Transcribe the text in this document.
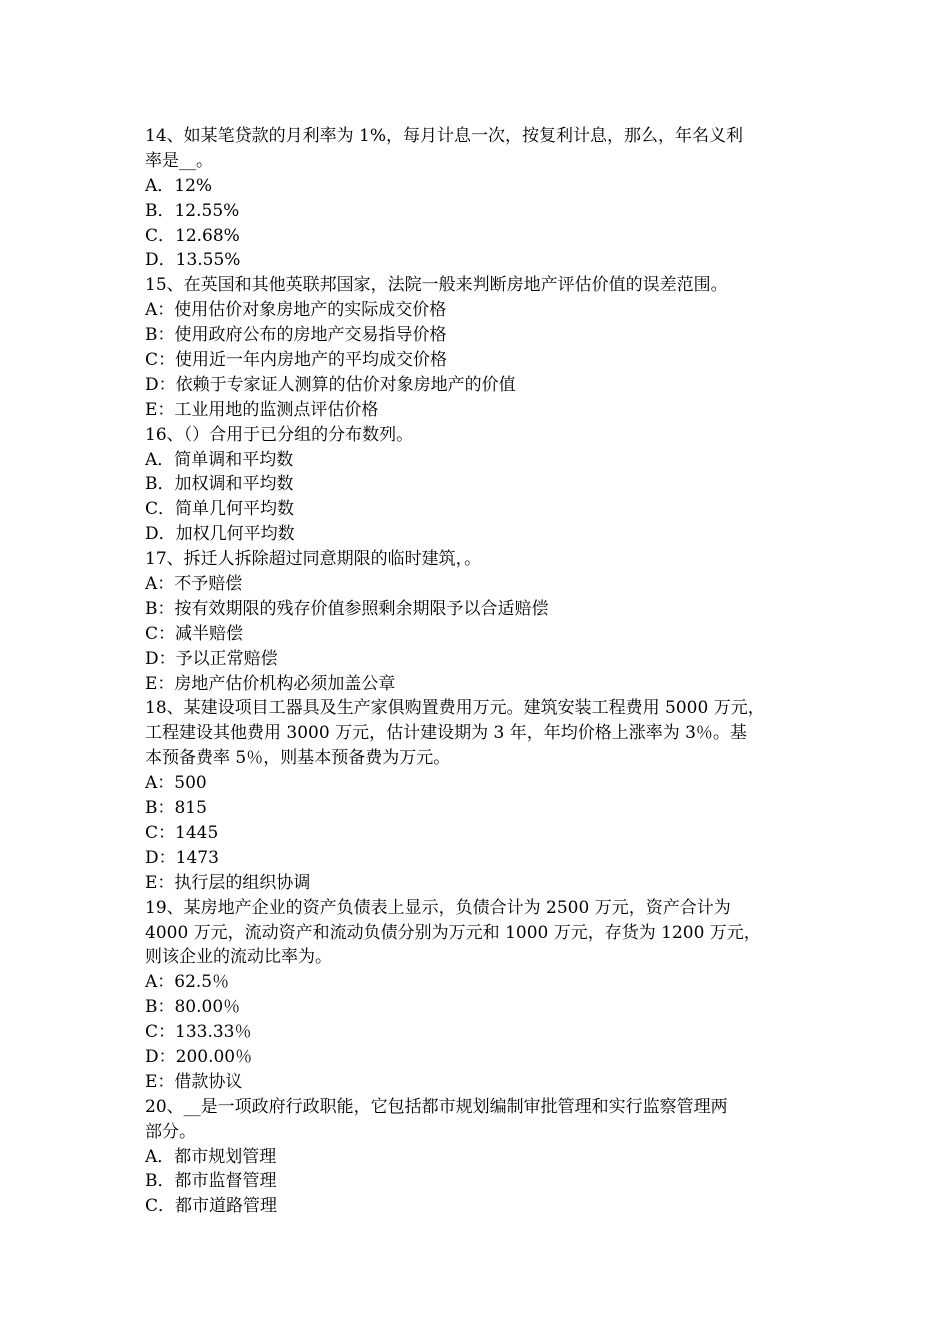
14、如某笔贷款的月利率为 1%，每月计息一次，按复利计息，那么，年名义利
率是__。
A．12%
B．12.55%
C．12.68%
D．13.55%
15、在英国和其他英联邦国家，法院一般来判断房地产评估价值的误差范围。
A：使用估价对象房地产的实际成交价格
B：使用政府公布的房地产交易指导价格
C：使用近一年内房地产的平均成交价格
D：依赖于专家证人测算的估价对象房地产的价值
E：工业用地的监测点评估价格
16、（）合用于已分组的分布数列。
A．简单调和平均数
B．加权调和平均数
C．简单几何平均数
D．加权几何平均数
17、拆迁人拆除超过同意期限的临时建筑，。
A：不予赔偿
B：按有效期限的残存价值参照剩余期限予以合适赔偿
C：减半赔偿
D：予以正常赔偿
E：房地产估价机构必须加盖公章
18、某建设项目工器具及生产家俱购置费用万元。建筑安装工程费用 5000 万元，
工程建设其他费用 3000 万元，估计建设期为 3 年，年均价格上涨率为 3％。基
本预备费率 5％，则基本预备费为万元。
A：500
B：815
C：1445
D：1473
E：执行层的组织协调
19、某房地产企业的资产负债表上显示，负债合计为 2500 万元，资产合计为
4000 万元，流动资产和流动负债分别为万元和 1000 万元，存货为 1200 万元，
则该企业的流动比率为。
A：62.5％
B：80.00％
C：133.33％
D：200.00％
E：借款协议
20、__是一项政府行政职能，它包括都市规划编制审批管理和实行监察管理两
部分。
A．都市规划管理
B．都市监督管理
C．都市道路管理
